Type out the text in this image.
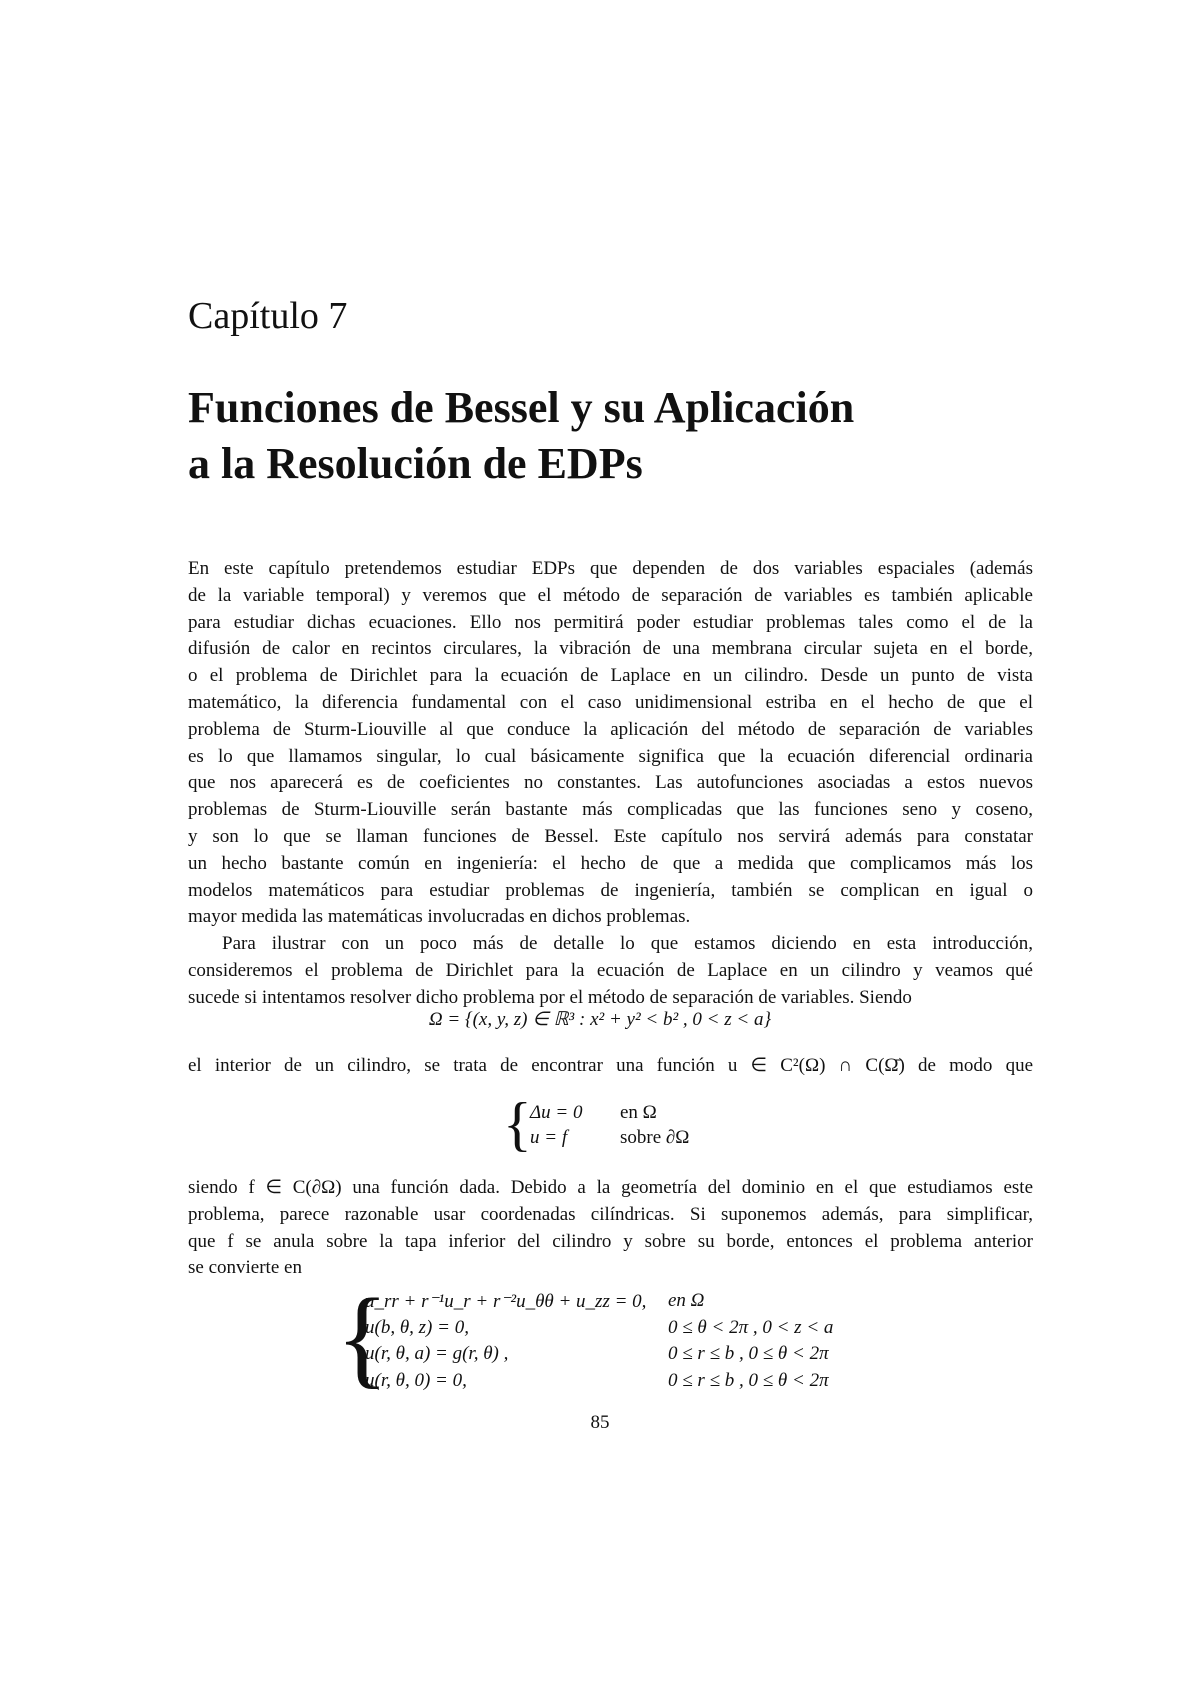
Capítulo 7
Funciones de Bessel y su Aplicación
a la Resolución de EDPs
En este capítulo pretendemos estudiar EDPs que dependen de dos variables espaciales (además
de la variable temporal) y veremos que el método de separación de variables es también aplicable
para estudiar dichas ecuaciones. Ello nos permitirá poder estudiar problemas tales como el de la
difusión de calor en recintos circulares, la vibración de una membrana circular sujeta en el borde,
o el problema de Dirichlet para la ecuación de Laplace en un cilindro. Desde un punto de vista
matemático, la diferencia fundamental con el caso unidimensional estriba en el hecho de que el
problema de Sturm-Liouville al que conduce la aplicación del método de separación de variables
es lo que llamamos singular, lo cual básicamente significa que la ecuación diferencial ordinaria
que nos aparecerá es de coeficientes no constantes. Las autofunciones asociadas a estos nuevos
problemas de Sturm-Liouville serán bastante más complicadas que las funciones seno y coseno,
y son lo que se llaman funciones de Bessel. Este capítulo nos servirá además para constatar
un hecho bastante común en ingeniería: el hecho de que a medida que complicamos más los
modelos matemáticos para estudiar problemas de ingeniería, también se complican en igual o
mayor medida las matemáticas involucradas en dichos problemas.
Para ilustrar con un poco más de detalle lo que estamos diciendo en esta introducción,
consideremos el problema de Dirichlet para la ecuación de Laplace en un cilindro y veamos qué
sucede si intentamos resolver dicho problema por el método de separación de variables. Siendo
Ω = {(x, y, z) ∈ ℝ³ : x² + y² < b² , 0 < z < a}
el interior de un cilindro, se trata de encontrar una función u ∈ C²(Ω) ∩ C(Ω̄) de modo que
{
Δu = 0 en Ω
u = f	sobre ∂Ω
siendo f ∈ C(∂Ω) una función dada. Debido a la geometría del dominio en el que estudiamos este
problema, parece razonable usar coordenadas cilíndricas. Si suponemos además, para simplificar,
que f se anula sobre la tapa inferior del cilindro y sobre su borde, entonces el problema anterior
se convierte en
{
u_rr + r⁻¹u_r + r⁻²u_θθ + u_zz = 0, en Ω
u(b, θ, z) = 0,	0 ≤ θ < 2π , 0 < z < a
u(r, θ, a) = g(r, θ) ,	0 ≤ r ≤ b , 0 ≤ θ < 2π
u(r, θ, 0) = 0,	0 ≤ r ≤ b , 0 ≤ θ < 2π
85
